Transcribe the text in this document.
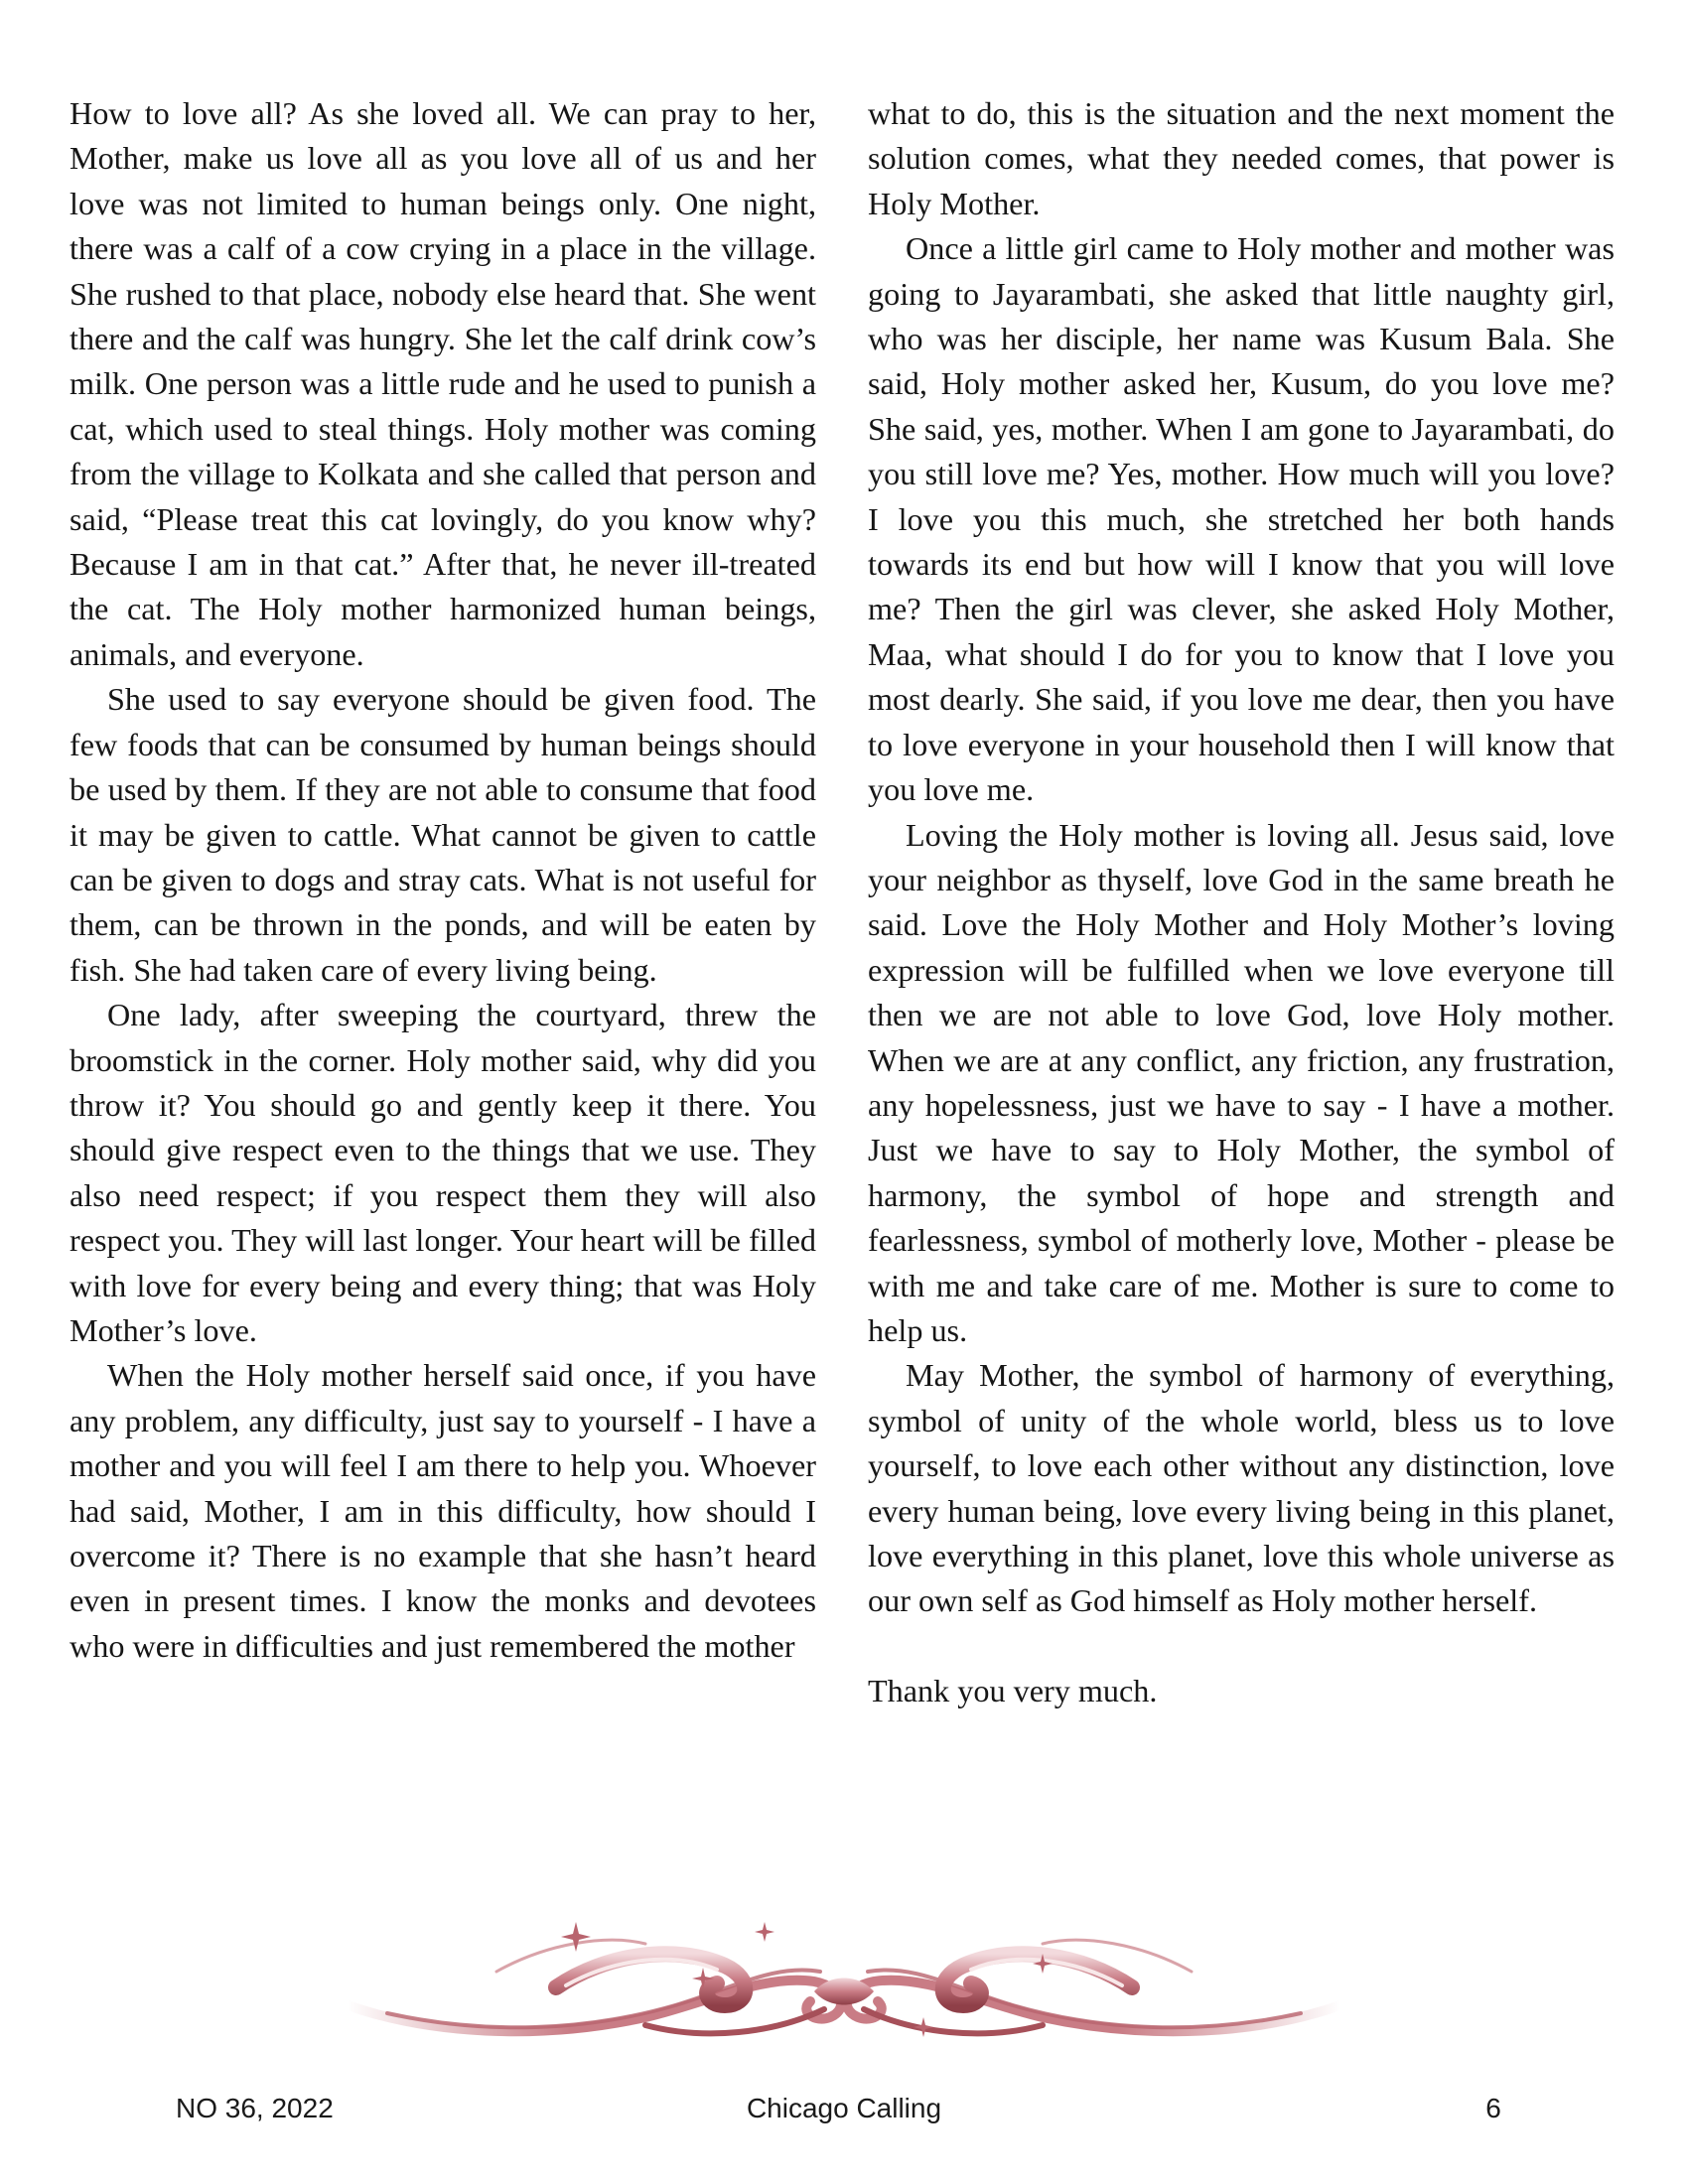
How to love all? As she loved all. We can pray to her, Mother, make us love all as you love all of us and her love was not limited to human beings only. One night, there was a calf of a cow crying in a place in the village. She rushed to that place, nobody else heard that. She went there and the calf was hungry. She let the calf drink cow’s milk. One person was a little rude and he used to punish a cat, which used to steal things. Holy mother was coming from the village to Kolkata and she called that person and said, “Please treat this cat lovingly, do you know why? Because I am in that cat.” After that, he never ill-treated the cat. The Holy mother harmonized human beings, animals, and everyone.

She used to say everyone should be given food. The few foods that can be consumed by human beings should be used by them. If they are not able to consume that food it may be given to cattle. What cannot be given to cattle can be given to dogs and stray cats. What is not useful for them, can be thrown in the ponds, and will be eaten by fish. She had taken care of every living being.

One lady, after sweeping the courtyard, threw the broomstick in the corner. Holy mother said, why did you throw it? You should go and gently keep it there. You should give respect even to the things that we use. They also need respect; if you respect them they will also respect you. They will last longer. Your heart will be filled with love for every being and every thing; that was Holy Mother’s love.

When the Holy mother herself said once, if you have any problem, any difficulty, just say to yourself - I have a mother and you will feel I am there to help you. Whoever had said, Mother, I am in this difficulty, how should I overcome it? There is no example that she hasn’t heard even in present times. I know the monks and devotees who were in difficulties and just remembered the mother

what to do, this is the situation and the next moment the solution comes, what they needed comes, that power is Holy Mother.

Once a little girl came to Holy mother and mother was going to Jayarambati, she asked that little naughty girl, who was her disciple, her name was Kusum Bala. She said, Holy mother asked her, Kusum, do you love me? She said, yes, mother. When I am gone to Jayarambati, do you still love me? Yes, mother. How much will you love? I love you this much, she stretched her both hands towards its end but how will I know that you will love me? Then the girl was clever, she asked Holy Mother, Maa, what should I do for you to know that I love you most dearly. She said, if you love me dear, then you have to love everyone in your household then I will know that you love me.

Loving the Holy mother is loving all. Jesus said, love your neighbor as thyself, love God in the same breath he said. Love the Holy Mother and Holy Mother’s loving expression will be fulfilled when we love everyone till then we are not able to love God, love Holy mother. When we are at any conflict, any friction, any frustration, any hopelessness, just we have to say - I have a mother. Just we have to say to Holy Mother, the symbol of harmony, the symbol of hope and strength and fearlessness, symbol of motherly love, Mother - please be with me and take care of me. Mother is sure to come to help us.

May Mother, the symbol of harmony of everything, symbol of unity of the whole world, bless us to love yourself, to love each other without any distinction, love every human being, love every living being in this planet, love everything in this planet, love this whole universe as our own self as God himself as Holy mother herself.

Thank you very much.

NO 36, 2022	Chicago Calling	6
